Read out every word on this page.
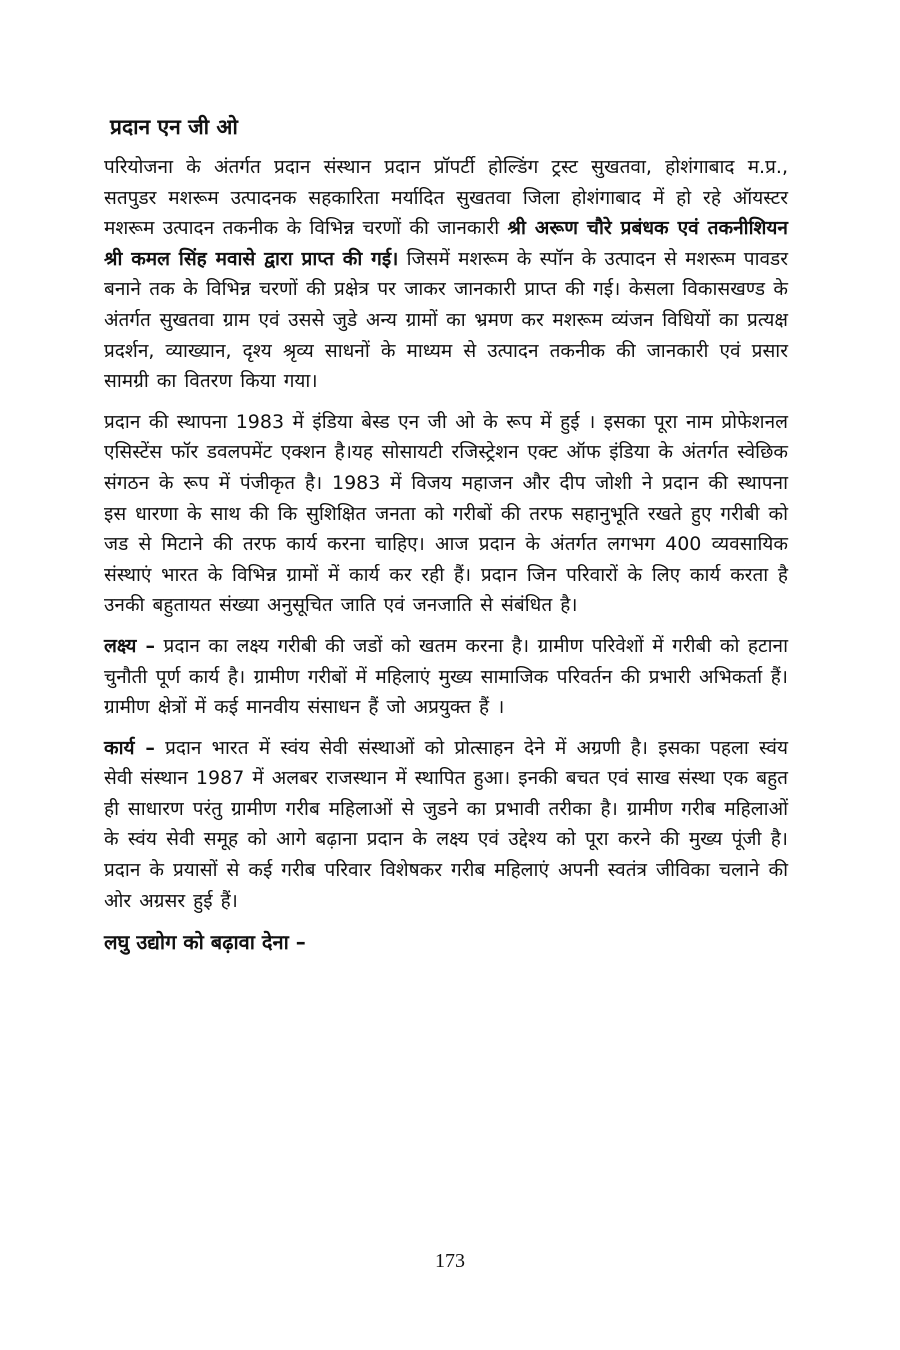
प्रदान एन जी ओ

परियोजना के अंतर्गत प्रदान संस्थान प्रदान प्रॉपर्टी होल्डिंग ट्रस्ट सुखतवा, होशंगाबाद म.प्र., सतपुडर मशरूम उत्पादनक सहकारिता मर्यादित सुखतवा जिला होशंगाबाद में हो रहे ऑयस्टर मशरूम उत्पादन तकनीक के विभिन्न चरणों की जानकारी श्री अरूण चौरे प्रबंधक एवं तकनीशियन श्री कमल सिंह मवासे द्वारा प्राप्त की गई। जिसमें मशरूम के स्पॉन के उत्पादन से मशरूम पावडर बनाने तक के विभिन्न चरणों की प्रक्षेत्र पर जाकर जानकारी प्राप्त की गई। केसला विकासखण्ड के अंतर्गत सुखतवा ग्राम एवं उससे जुडे अन्य ग्रामों का भ्रमण कर मशरूम व्यंजन विधियों का प्रत्यक्ष प्रदर्शन, व्याख्यान, दृश्य श्रृव्य साधनों के माध्यम से उत्पादन तकनीक की जानकारी एवं प्रसार सामग्री का वितरण किया गया।

प्रदान की स्थापना 1983 में इंडिया बेस्ड एन जी ओ के रूप में हुई । इसका पूरा नाम प्रोफेशनल एसिस्टेंस फॉर डवलपमेंट एक्शन है।यह सोसायटी रजिस्ट्रेशन एक्ट ऑफ इंडिया के अंतर्गत स्वेछिक संगठन के रूप में पंजीकृत है। 1983 में विजय महाजन और दीप जोशी ने प्रदान की स्थापना इस धारणा के साथ की कि सुशिक्षित जनता को गरीबों की तरफ सहानुभूति रखते हुए गरीबी को जड से मिटाने की तरफ कार्य करना चाहिए। आज प्रदान के अंतर्गत लगभग 400 व्यवसायिक संस्थाएं भारत के विभिन्न ग्रामों में कार्य कर रही हैं। प्रदान जिन परिवारों के लिए कार्य करता है उनकी बहुतायत संख्या अनुसूचित जाति एवं जनजाति से संबंधित है।

लक्ष्य – प्रदान का लक्ष्य गरीबी की जडों को खतम करना है। ग्रामीण परिवेशों में गरीबी को हटाना चुनौती पूर्ण कार्य है। ग्रामीण गरीबों में महिलाएं मुख्य सामाजिक परिवर्तन की प्रभारी अभिकर्ता हैं। ग्रामीण क्षेत्रों में कई मानवीय संसाधन हैं जो अप्रयुक्त हैं ।

कार्य – प्रदान भारत में स्वंय सेवी संस्थाओं को प्रोत्साहन देने में अग्रणी है। इसका पहला स्वंय सेवी संस्थान 1987 में अलबर राजस्थान में स्थापित हुआ। इनकी बचत एवं साख संस्था एक बहुत ही साधारण परंतु ग्रामीण गरीब महिलाओं से जुडने का प्रभावी तरीका है। ग्रामीण गरीब महिलाओं के स्वंय सेवी समूह को आगे बढ़ाना प्रदान के लक्ष्य एवं उद्देश्य को पूरा करने की मुख्य पूंजी है। प्रदान के प्रयासों से कई गरीब परिवार विशेषकर गरीब महिलाएं अपनी स्वतंत्र जीविका चलाने की ओर अग्रसर हुई हैं।

लघु उद्योग को बढ़ावा देना –
173
